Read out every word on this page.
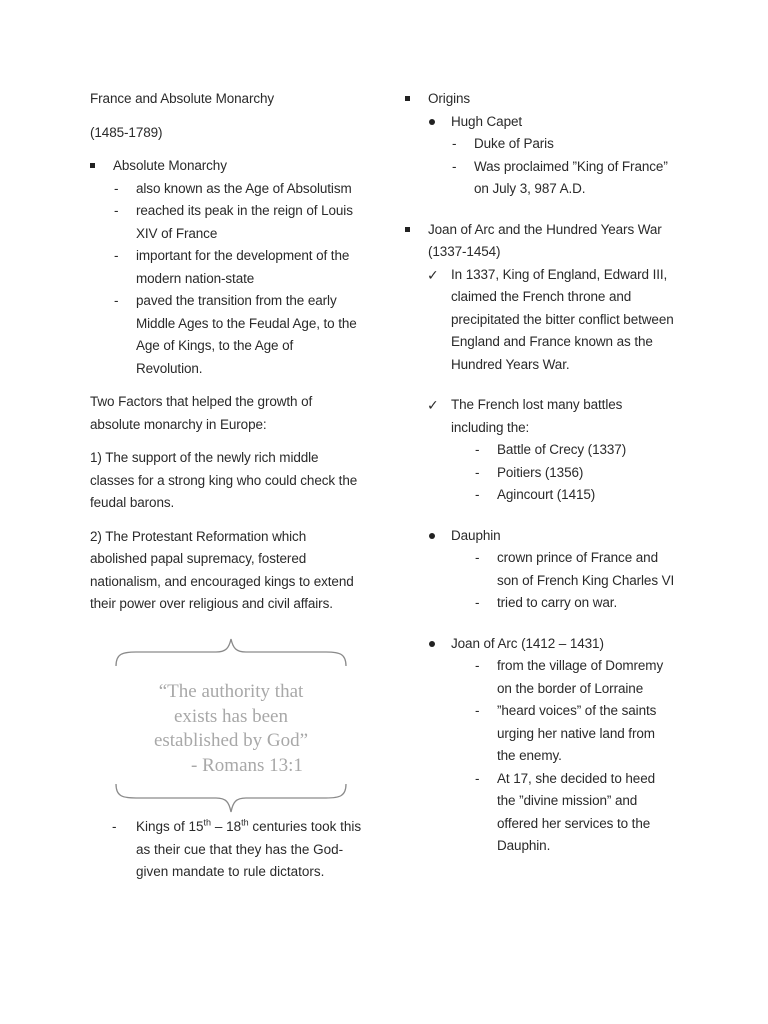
France and Absolute Monarchy

(1485-1789)

Absolute Monarchy
- also known as the Age of Absolutism
- reached its peak in the reign of Louis
XIV of France
- important for the development of the
modern nation-state
- paved the transition from the early
Middle Ages to the Feudal Age, to the
Age of Kings, to the Age of
Revolution.
Two Factors that helped the growth of
absolute monarchy in Europe:
1) The support of the newly rich middle
classes for a strong king who could check the
feudal barons.
2) The Protestant Reformation which
abolished papal supremacy, fostered
nationalism, and encouraged kings to extend
their power over religious and civil affairs.
“The authority that
exists has been
established by God”
- Romans 13:1
- Kings of 15th – 18th centuries took this
as their cue that they has the God-
given mandate to rule dictators.
Origins
Hugh Capet
- Duke of Paris
- Was proclaimed ”King of France”
on July 3, 987 A.D.
Joan of Arc and the Hundred Years War
(1337-1454)
✓ In 1337, King of England, Edward III,
claimed the French throne and
precipitated the bitter conflict between
England and France known as the
Hundred Years War.
✓ The French lost many battles
including the:
- Battle of Crecy (1337)
- Poitiers (1356)
- Agincourt (1415)
Dauphin
- crown prince of France and
son of French King Charles VI
- tried to carry on war.
Joan of Arc (1412 – 1431)
- from the village of Domremy
on the border of Lorraine
- ”heard voices” of the saints
urging her native land from
the enemy.
- At 17, she decided to heed
the ”divine mission” and
offered her services to the
Dauphin.
